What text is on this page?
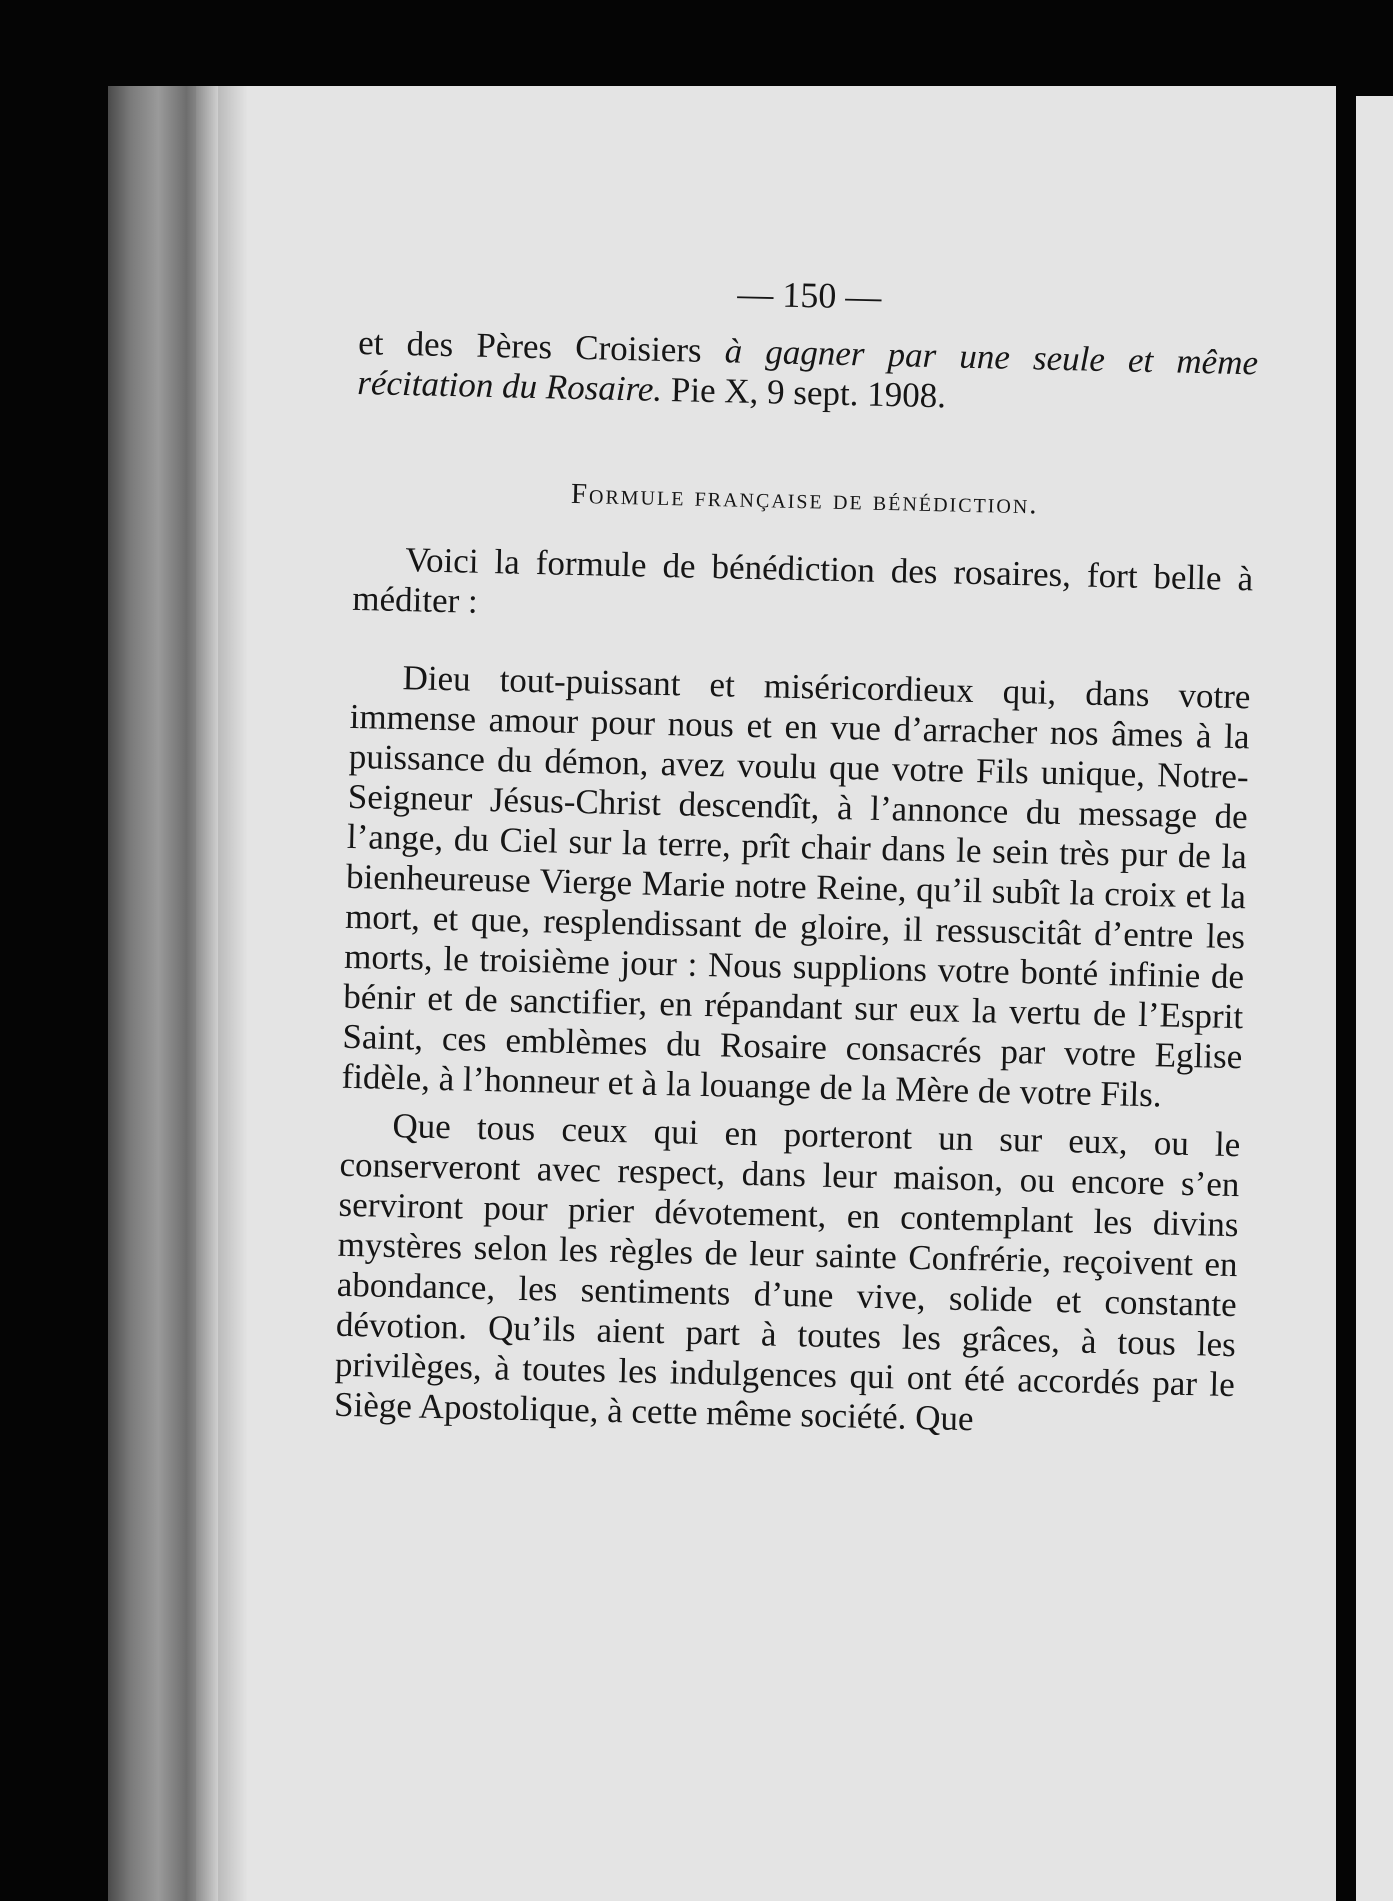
— 150 —

et des Pères Croisiers à gagner par une seule et même récitation du Rosaire. Pie X, 9 sept. 1908.

Formule française de bénédiction.

Voici la formule de bénédiction des rosaires, fort belle à méditer :

Dieu tout-puissant et miséricordieux qui, dans votre immense amour pour nous et en vue d’arracher nos âmes à la puissance du démon, avez voulu que votre Fils unique, Notre-Seigneur Jésus-Christ descendît, à l’annonce du message de l’ange, du Ciel sur la terre, prît chair dans le sein très pur de la bienheureuse Vierge Marie notre Reine, qu’il subît la croix et la mort, et que, resplendissant de gloire, il ressuscitât d’entre les morts, le troisième jour : Nous supplions votre bonté infinie de bénir et de sanctifier, en répandant sur eux la vertu de l’Esprit Saint, ces emblèmes du Rosaire consacrés par votre Eglise fidèle, à l’honneur et à la louange de la Mère de votre Fils.

Que tous ceux qui en porteront un sur eux, ou le conserveront avec respect, dans leur maison, ou encore s’en serviront pour prier dévotement, en contemplant les divins mystères selon les règles de leur sainte Confrérie, reçoivent en abondance, les sentiments d’une vive, solide et constante dévotion. Qu’ils aient part à toutes les grâces, à tous les privilèges, à toutes les indulgences qui ont été accordés par le Siège Apostolique, à cette même société. Que
